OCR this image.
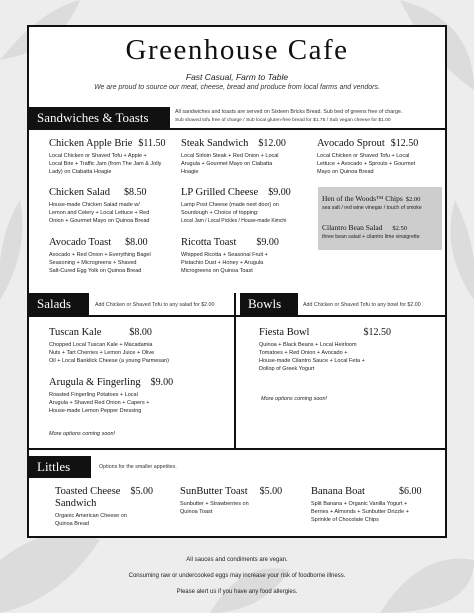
Greenhouse Cafe
Fast Casual, Farm to Table
We are proud to source our meat, cheese, bread and produce from local farms and vendors.
Sandwiches & Toasts	All sandwiches and toasts are served on Sixteen Bricks Bread. Sub bed of greens free of charge.
Sub shaved tofu free of charge / Sub local gluten-free bread for $1.75 / Sub vegan cheese for $1.00
Chicken Apple Brie $11.50
Local Chicken or Shaved Tofu + Apple +
Local Brie + Traffic Jam (from The Jam & Jolly
Lady) on Ciabatta Hoagie
Steak Sandwich $12.00
Local Sirloin Steak + Red Onion + Local
Arugula + Gourmet Mayo on Ciabatta
Hoagie
Avocado Sprout $12.50
Local Chicken or Shaved Tofu + Local
Lettuce + Avocado + Sprouts + Gourmet
Mayo on Quinoa Bread
Chicken Salad $8.50
House-made Chicken Salad made w/
Lemon and Celery + Local Lettuce + Red
Onion + Gourmet Mayo on Quinoa Bread
LP Grilled Cheese $9.00
Lamp Post Cheese (made next door) on
Sourdough + Choice of topping:
Local Jam / Local Pickles / House-made Kimchi
Avocado Toast $8.00
Avocado + Red Onion + Everything Bagel
Seasoning + Microgreens + Shaved
Salt-Cured Egg Yolk on Quinoa Bread
Ricotta Toast $9.00
Whipped Ricotta + Seasonal Fruit +
Pistachio Dust + Honey + Arugula
Microgreens on Quinoa Toast
Hen of the Woods™ Chips $2.00
sea salt / red wine vinegar / touch of smoke
Cilantro Bean Salad $2.50
three bean salad + cilantro lime vinaigrette
Salads	Add Chicken or Shaved Tofu to any salad for $2.00	Bowls	Add Chicken or Shaved Tofu to any bowl for $2.00
Tuscan Kale	$8.00
Chopped Local Tuscan Kale + Macadamia
Nuts + Tart Cherries + Lemon Juice + Olive
Oil + Local Banklick Cheese (a young Parmesan)
Arugula & Fingerling $9.00
Roasted Fingerling Potatoes + Local
Arugula + Shaved Red Onion + Capers +
House-made Lemon Pepper Dressing
More options coming soon!
Fiesta Bowl	$12.50
Quinoa + Black Beans + Local Heirloom
Tomatoes + Red Onion + Avocado +
House-made Cilantro Sauce + Local Feta +
Dollop of Greek Yogurt
More options coming soon!
Littles	Options for the smaller appetites.
Toasted Cheese $5.00
Sandwich
Organic American Cheese on
Quinoa Bread
SunButter Toast $5.00
Sunbutter + Strawberries on
Quinoa Toast
Banana Boat	$6.00
Split Banana + Organic Vanilla Yogurt +
Berries + Almonds + Sunbutter Drizzle +
Sprinkle of Chocolate Chips
All sauces and condiments are vegan.
Consuming raw or undercooked eggs may increase your risk of foodborne illness.
Please alert us if you have any food allergies.
